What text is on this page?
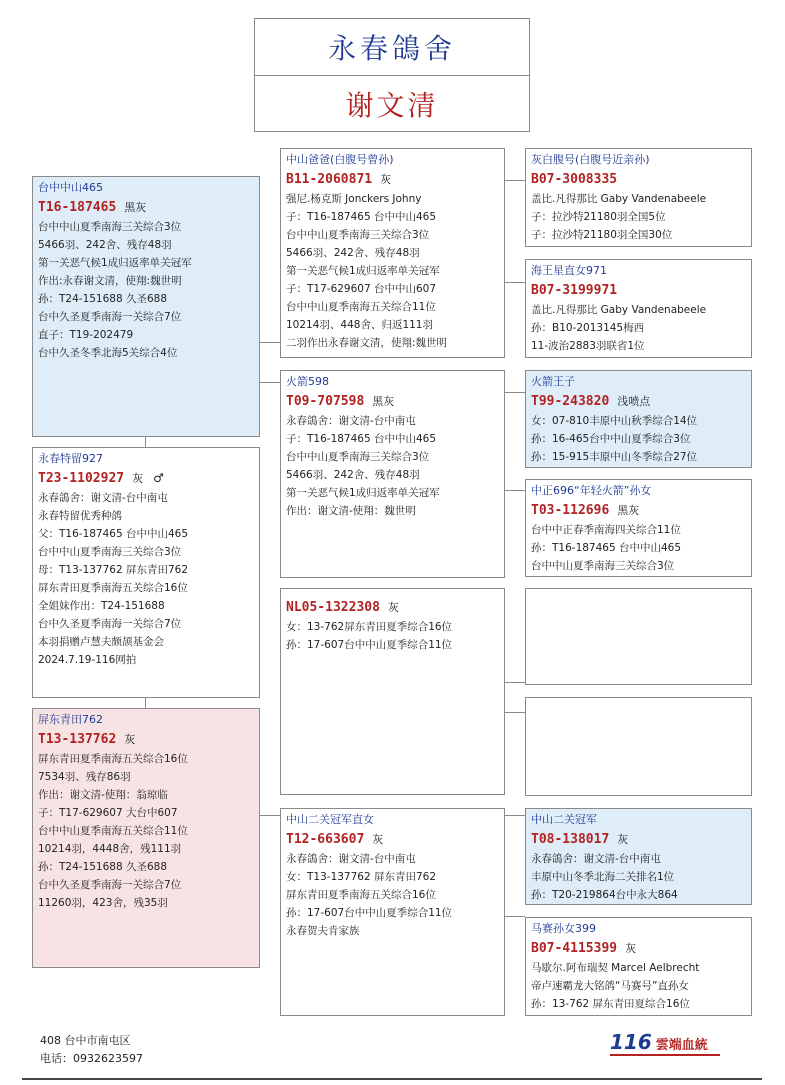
永春鴿舍
谢文清
台中中山465
T16-187465 黑灰
台中中山夏季南海三关综合3位
5466羽、242舍、残存48羽
第一关恶气候1成归返率单关冠军
作出:永春谢文清，使翔:魏世明
孙：T24-151688 久圣688
台中久圣夏季南海一关综合7位
直子：T19-202479
台中久圣冬季北海5关综合4位
永春特留927
T23-1102927 灰 ♂
永春鴿舍：谢文清-台中南屯
永春特留优秀种鸽
父：T16-187465 台中中山465
台中中山夏季南海三关综合3位
母：T13-137762 屏东青田762
屏东青田夏季南海五关综合16位
全姐妹作出：T24-151688
台中久圣夏季南海一关综合7位
本羽捐赠卢慧夫颇颉基金会
2024.7.19-116网拍
屏东青田762
T13-137762 灰
屏东青田夏季南海五关综合16位
7534羽、残存86羽
作出：谢文清-使翔：翁琼临
子：T17-629607 大台中607
台中中山夏季南海五关综合11位
10214羽，4448舍，残111羽
孙：T24-151688 久圣688
台中久圣夏季南海一关综合7位
11260羽，423舍，残35羽
中山爸爸(白腹号曾孙)
B11-2060871 灰
强尼.杨克斯 Jonckers Johny
子：T16-187465 台中中山465
台中中山夏季南海三关综合3位
5466羽、242舍、残存48羽
第一关恶气候1成归返率单关冠军
子：T17-629607 台中中山607
台中中山夏季南海五关综合11位
10214羽、448舍、归返111羽
二羽作出永春谢文清，使翔:魏世明
火箭598
T09-707598 黑灰
永春鴿舍：谢文清-台中南屯
子：T16-187465 台中中山465
台中中山夏季南海三关综合3位
5466羽、242舍、残存48羽
第一关恶气候1成归返率单关冠军
作出：谢文清-使翔：魏世明
NL05-1322308 灰
女：13-762屏东青田夏季综合16位
孙：17-607台中中山夏季综合11位
中山二关冠军直女
T12-663607 灰
永春鴿舍：谢文清-台中南屯
女：T13-137762 屏东青田762
屏东青田夏季南海五关综合16位
孙：17-607台中中山夏季综合11位
永春贺夫肯家族
灰白腹号(白腹号近亲孙)
B07-3008335
盖比.凡得那比 Gaby Vandenabeele
子：拉沙特21180羽全国5位
子：拉沙特21180羽全国30位
海王星直女971
B07-3199971
盖比.凡得那比 Gaby Vandenabeele
孙：B10-2013145梅西
11-波治2883羽联省1位
火箭王子
T99-243820 浅喷点
女：07-810丰原中山秋季综合14位
孙：16-465台中中山夏季综合3位
孙：15-915丰原中山冬季综合27位
中正696“年轻火箭”孙女
T03-112696 黑灰
台中中正春季南海四关综合11位
孙：T16-187465 台中中山465
台中中山夏季南海三关综合3位
中山二关冠军
T08-138017 灰
永春鴿舍：谢文清-台中南屯
丰原中山冬季北海二关排名1位
孙：T20-219864台中永大864
马赛孙女399
B07-4115399 灰
马歇尔.阿布瑞契 Marcel Aelbrecht
帝卢速霸龙大铭鸽“马赛号”直孙女
孙：13-762 屏东青田夏综合16位
408 台中市南屯区
电话：0932623597
116 雲端血統
